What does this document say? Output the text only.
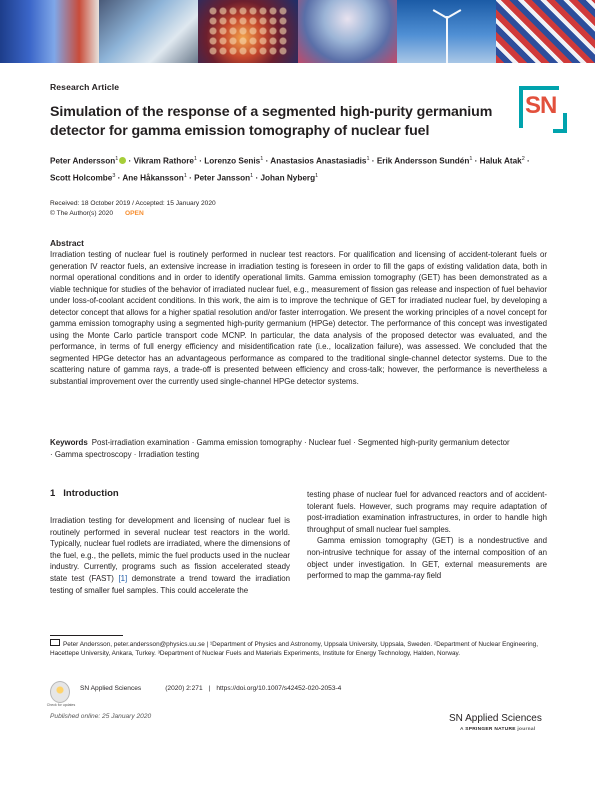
Research Article
Simulation of the response of a segmented high-purity germanium detector for gamma emission tomography of nuclear fuel
SN
Peter Andersson$^1$ · Vikram Rathore$^1$ · Lorenzo Senis$^1$ · Anastasios Anastasiadis$^1$ · Erik Andersson Sundén$^1$ · Haluk Atak$^2$ · Scott Holcombe$^3$ · Ane Håkansson$^1$ · Peter Jansson$^1$ · Johan Nyberg$^1$
Received: 18 October 2019 / Accepted: 15 January 2020
© The Author(s) 2020 OPEN
Abstract
Irradiation testing of nuclear fuel is routinely performed in nuclear test reactors. For qualification and licensing of accident-tolerant fuels or generation IV reactor fuels, an extensive increase in irradiation testing is foreseen in order to fill the gaps of existing validation data, both in normal operational conditions and in order to identify operational limits. Gamma emission tomography (GET) has been demonstrated as a viable technique for studies of the behavior of irradiated nuclear fuel, e.g., measurement of fission gas release and inspection of fuel behavior under loss-of-coolant accident conditions. In this work, the aim is to improve the technique of GET for irradiated nuclear fuel, by developing a detector concept that allows for a higher spatial resolution and/or faster interrogation. We present the working principles of a novel concept for gamma emission tomography using a segmented high-purity germanium (HPGe) detector. The performance of this concept was investigated using the Monte Carlo particle transport code MCNP. In particular, the data analysis of the proposed detector was evaluated, and the performance, in terms of full energy efficiency and misidentification rate (i.e., localization failure), was assessed. We concluded that the segmented HPGe detector has an advantageous performance as compared to the traditional single-channel detector systems. Due to the scattering nature of gamma rays, a trade-off is presented between efficiency and cross-talk; however, the performance is nevertheless a substantial improvement over the currently used single-channel HPGe detector systems.
Keywords Post-irradiation examination · Gamma emission tomography · Nuclear fuel · Segmented high-purity germanium detector · Gamma spectroscopy · Irradiation testing
1 Introduction

Irradiation testing for development and licensing of nuclear fuel is routinely performed in several nuclear test reactors in the world. Typically, nuclear fuel rodlets are irradiated, where the dimensions of the fuel, e.g., the pellets, mimic the fuel products used in the nuclear industry. Currently, programs such as fission accelerated steady state test (FAST) [1] demonstrate a trend toward the irradiation testing of smaller fuel samples. This could accelerate the

testing phase of nuclear fuel for advanced reactors and of accident-tolerant fuels. However, such programs may require adaptation of post-irradiation examination infrastructures, in order to handle high throughput of small nuclear fuel samples.

Gamma emission tomography (GET) is a nondestructive and non-intrusive technique for assay of the internal composition of an object under investigation. In GET, external measurements are performed to map the gamma-ray field

Peter Andersson, peter.andersson@physics.uu.se | ¹Department of Physics and Astronomy, Uppsala University, Uppsala, Sweden. ²Department of Nuclear Engineering, Hacettepe University, Ankara, Turkey. ³Department of Nuclear Fuels and Materials Experiments, Institute for Energy Technology, Halden, Norway.
Check for updates
SN Applied Sciences	(2020) 2:271 | https://doi.org/10.1007/s42452-020-2053-4
Published online: 25 January 2020	SN Applied Sciences
A SPRINGER NATURE journal
